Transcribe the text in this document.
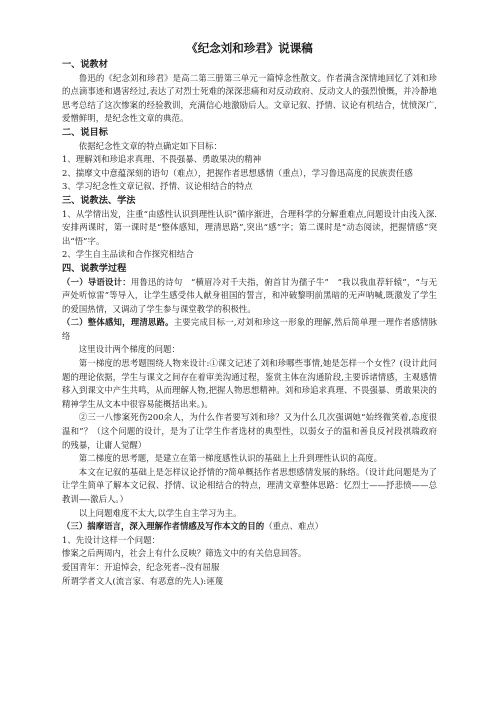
《纪念刘和珍君》说课稿
一、说教材

鲁迅的《纪念刘和珍君》是高二第三册第三单元一篇悼念性散文。作者满含深情地回忆了刘和珍的点滴事迹和遇害经过,表达了对烈士死难的深深悲痛和对反动政府、反动文人的强烈愤慨，并冷静地思考总结了这次惨案的经验教训，充满信心地激励后人。文章记叙、抒情、议论有机结合，忧愤深广,爱憎鲜明，是纪念性文章的典范。

二、说目标

依据纪念性文章的特点确定如下目标：

1、理解刘和珍追求真理、不畏强暴、勇敢果决的精神

2、揣摩文中意蕴深刻的语句（难点），把握作者思想感情（重点），学习鲁迅高度的民族责任感

3、学习纪念性文章记叙、抒情、议论相结合的特点

三、说教法、学法

1、从学情出发，注重“由感性认识到理性认识”循序渐进，合理科学的分解重难点,问题设计由浅入深.安排两课时，第一课时是“整体感知，理清思路”,突出“感”字；第二课时是“动态阅读，把握情感”突出“悟”字。

2、学生自主品读和合作探究相结合

四、说教学过程

（一）导语设计：用鲁迅的诗句　“横眉冷对千夫指，俯首甘为孺子牛”　“我以我血荐轩辕”，“与无声处听惊雷”等导入，让学生感受伟人献身祖国的誓言，和冲破黎明前黑暗的无声呐喊,既激发了学生的爱国热情，又调动了学生参与课堂教学的积极性。

（二）整体感知，理清思路。主要完成目标一,对刘和珍这一形象的理解,然后简单理一理作者感情脉络

这里设计两个梯度的问题：

第一梯度的思考题围绕人物来设计:①课文记述了刘和珍哪些事情,她是怎样一个女性？(设计此问题的理论依据，学生与课文之间存在着审美沟通过程，鉴赏主体在沟通阶段,主要诉诸情感，主观感情移入到课文中产生共鸣，从而理解人物,把握人物思想精神。刘和珍追求真理、不畏强暴、勇敢果决的精神学生从文本中很容易能概括出来。)。

②三一八惨案死伤200余人，为什么作者要写刘和珍？又为什么几次强调她“始终微笑着,态度很温和”？（这个问题的设计，是为了让学生作者选材的典型性，以弱女子的温和善良反衬段祺瑞政府的残暴，让庸人觉醒）

第二梯度的思考题，是建立在第一梯度感性认识的基础上上升到理性认识的高度。

本文在记叙的基础上是怎样议论抒情的?简单概括作者思想感情发展的脉络。（设计此问题是为了让学生简单了解本文记叙、抒情、议论相结合的特点，理清文章整体思路：忆烈士——抒悲愤——总教训—-激后人。）

以上问题难度不太大,以学生自主学习为主。

（三）揣摩语言，深入理解作者情感及写作本文的目的（重点、难点）

1、先设计这样一个问题：

惨案之后两周内，社会上有什么反映？筛选文中的有关信息回答。

爱国青年：开追悼会，纪念死者--没有屈服

所谓学者文人(流言家、有恶意的先人):诬蔑
